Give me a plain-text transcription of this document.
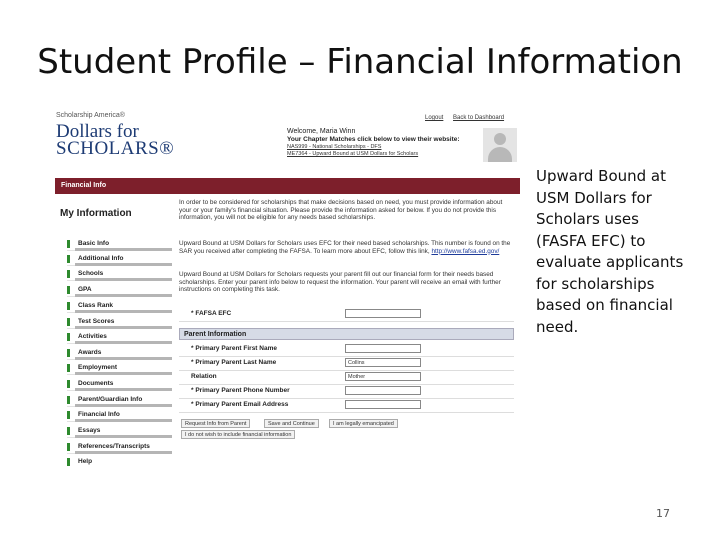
Student Profile – Financial Information
Scholarship America®
Dollars for
SCHOLARS®
Logout Back to Dashboard
Welcome, Maria Winn
Your Chapter Matches click below to view their website:
NAS999 - National Scholarships - DFS
ME7364 - Upward Bound at USM Dollars for Scholars
Financial Info
My Information
Basic Info
Additional Info
Schools
GPA
Class Rank
Test Scores
Activities
Awards
Employment
Documents
Parent/Guardian Info
Financial Info
Essays
References/Transcripts
Help

In order to be considered for scholarships that make decisions based on need, you must provide information about your or your family's financial situation. Please provide the information asked for below. If you do not provide this information, you will not be eligible for any needs based scholarships.

Upward Bound at USM Dollars for Scholars uses EFC for their need based scholarships. This number is found on the SAR you received after completing the FAFSA. To learn more about EFC, follow this link, http://www.fafsa.ed.gov/

Upward Bound at USM Dollars for Scholars requests your parent fill out our financial form for their needs based scholarships. Enter your parent info below to request the information. Your parent will receive an email with further instructions on completing this task.

* FAFSA EFC
Parent Information
* Primary Parent First Name
* Primary Parent Last Name	Collins
Relation	Mother
* Primary Parent Phone Number
* Primary Parent Email Address
Request Info from Parent	Save and Continue	I am legally emancipated
I do not wish to include financial information
Upward Bound at USM Dollars for Scholars uses (FASFA EFC) to evaluate applicants for scholarships based on financial need.
17
